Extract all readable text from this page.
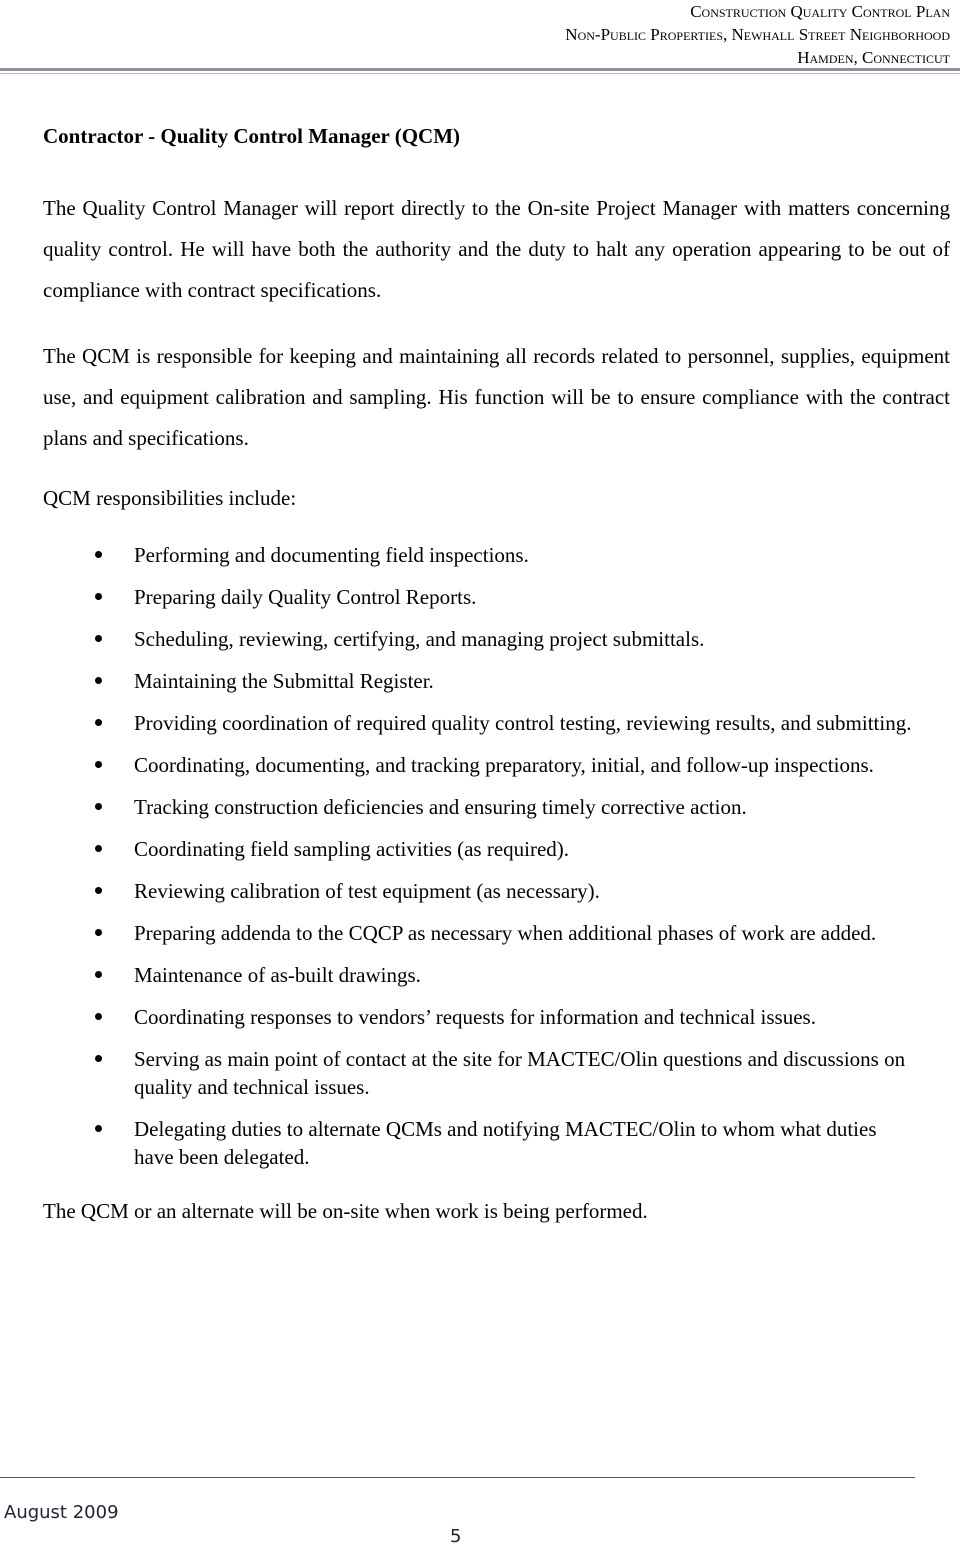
Construction Quality Control Plan
Non-Public Properties, Newhall Street Neighborhood
Hamden, Connecticut
Contractor - Quality Control Manager (QCM)

The Quality Control Manager will report directly to the On-site Project Manager with matters concerning quality control. He will have both the authority and the duty to halt any operation appearing to be out of compliance with contract specifications.

The QCM is responsible for keeping and maintaining all records related to personnel, supplies, equipment use, and equipment calibration and sampling. His function will be to ensure compliance with the contract plans and specifications.

QCM responsibilities include:

Performing and documenting field inspections.
Preparing daily Quality Control Reports.
Scheduling, reviewing, certifying, and managing project submittals.
Maintaining the Submittal Register.
Providing coordination of required quality control testing, reviewing results, and submitting.
Coordinating, documenting, and tracking preparatory, initial, and follow-up inspections.
Tracking construction deficiencies and ensuring timely corrective action.
Coordinating field sampling activities (as required).
Reviewing calibration of test equipment (as necessary).
Preparing addenda to the CQCP as necessary when additional phases of work are added.
Maintenance of as-built drawings.
Coordinating responses to vendors’ requests for information and technical issues.
Serving as main point of contact at the site for MACTEC/Olin questions and discussions on quality and technical issues.
Delegating duties to alternate QCMs and notifying MACTEC/Olin to whom what duties have been delegated.

The QCM or an alternate will be on-site when work is being performed.

August 2009
5
